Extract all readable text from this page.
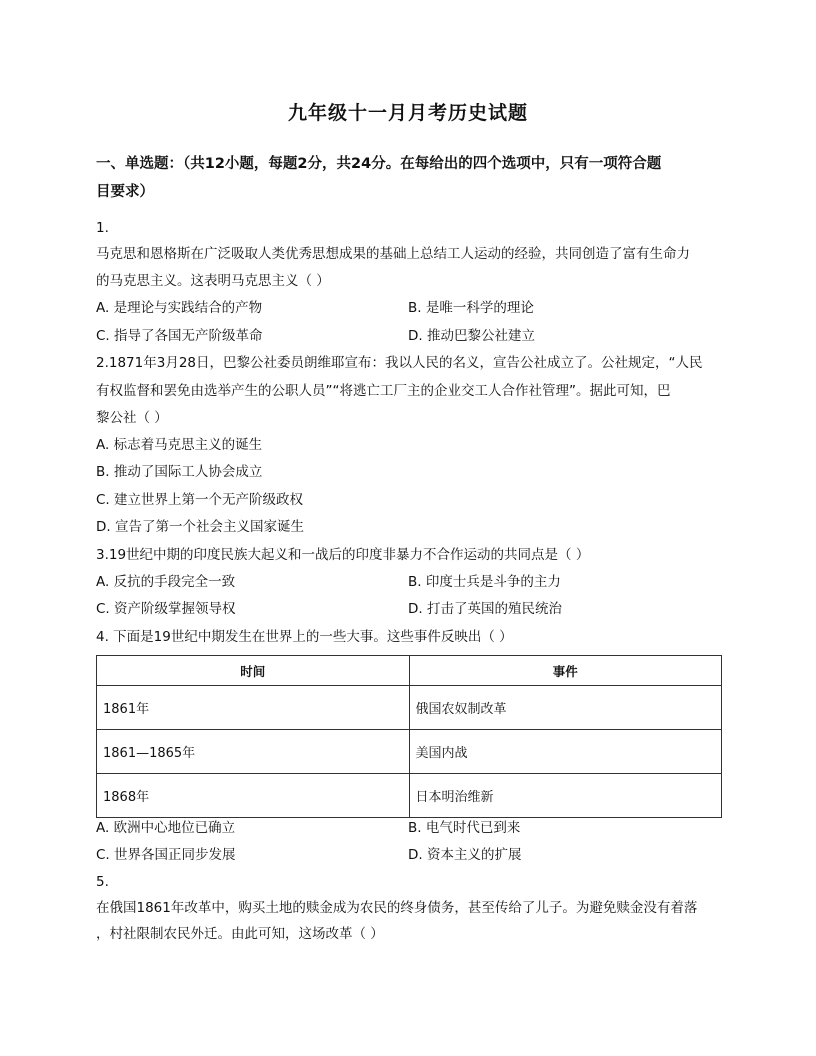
九年级十一月月考历史试题
一、单选题：（共12小题，每题2分，共24分。在每给出的四个选项中，只有一项符合题
目要求）
1.
马克思和恩格斯在广泛吸取人类优秀思想成果的基础上总结工人运动的经验，共同创造了富有生命力
的马克思主义。这表明马克思主义（ ）
A. 是理论与实践结合的产物	B. 是唯一科学的理论
C. 指导了各国无产阶级革命	D. 推动巴黎公社建立
2.1871年3月28日，巴黎公社委员朗维耶宣布：我以人民的名义，宣告公社成立了。公社规定，“人民
有权监督和罢免由选举产生的公职人员”“将逃亡工厂主的企业交工人合作社管理”。据此可知，巴
黎公社（ ）
A. 标志着马克思主义的诞生
B. 推动了国际工人协会成立
C. 建立世界上第一个无产阶级政权
D. 宣告了第一个社会主义国家诞生
3.19世纪中期的印度民族大起义和一战后的印度非暴力不合作运动的共同点是（ ）
A. 反抗的手段完全一致	B. 印度士兵是斗争的主力
C. 资产阶级掌握领导权	D. 打击了英国的殖民统治
4. 下面是19世纪中期发生在世界上的一些大事。这些事件反映出（ ）
时间	事件
1861年	俄国农奴制改革
1861—1865年	美国内战
1868年	日本明治维新
A. 欧洲中心地位已确立	B. 电气时代已到来
C. 世界各国正同步发展	D. 资本主义的扩展
5.
在俄国1861年改革中，购买土地的赎金成为农民的终身债务，甚至传给了儿子。为避免赎金没有着落
，村社限制农民外迁。由此可知，这场改革（ ）
